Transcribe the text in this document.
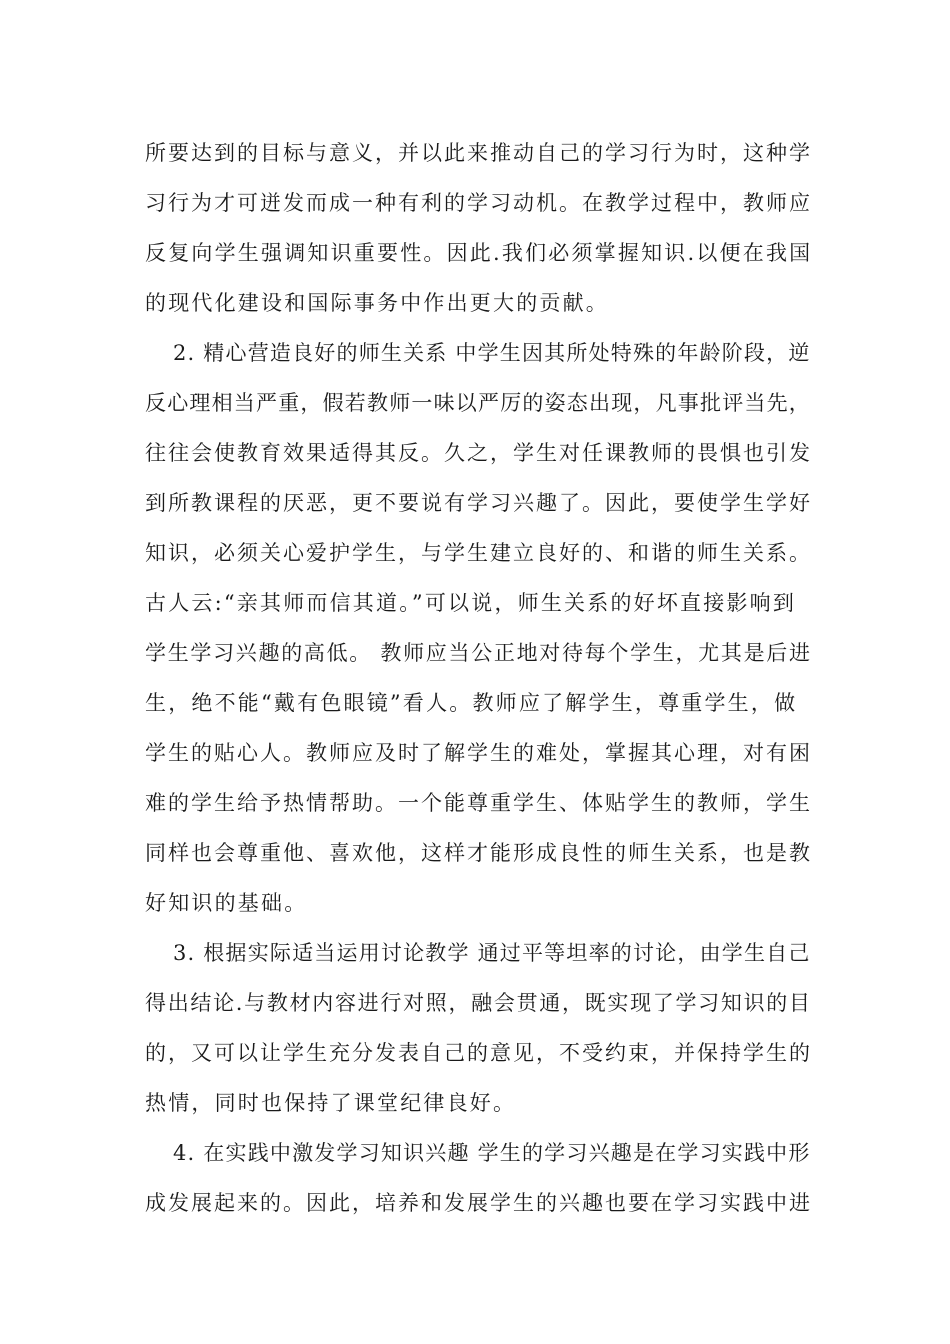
所要达到的目标与意义，并以此来推动自己的学习行为时，这种学
习行为才可迸发而成一种有利的学习动机。在教学过程中，教师应
反复向学生强调知识重要性。因此.我们必须掌握知识.以便在我国
的现代化建设和国际事务中作出更大的贡献。
2. 精心营造良好的师生关系 中学生因其所处特殊的年龄阶段，逆
反心理相当严重，假若教师一味以严厉的姿态出现，凡事批评当先，
往往会使教育效果适得其反。久之，学生对任课教师的畏惧也引发
到所教课程的厌恶，更不要说有学习兴趣了。因此，要使学生学好
知识，必须关心爱护学生，与学生建立良好的、和谐的师生关系。
古人云:“亲其师而信其道。”可以说，师生关系的好坏直接影响到
学生学习兴趣的高低。 教师应当公正地对待每个学生，尤其是后进
生，绝不能“戴有色眼镜”看人。教师应了解学生，尊重学生，做
学生的贴心人。教师应及时了解学生的难处，掌握其心理，对有困
难的学生给予热情帮助。一个能尊重学生、体贴学生的教师，学生
同样也会尊重他、喜欢他，这样才能形成良性的师生关系，也是教
好知识的基础。
3. 根据实际适当运用讨论教学 通过平等坦率的讨论，由学生自己
得出结论.与教材内容进行对照，融会贯通，既实现了学习知识的目
的，又可以让学生充分发表自己的意见，不受约束，并保持学生的
热情，同时也保持了课堂纪律良好。
4. 在实践中激发学习知识兴趣 学生的学习兴趣是在学习实践中形
成发展起来的。因此，培养和发展学生的兴趣也要在学习实践中进
